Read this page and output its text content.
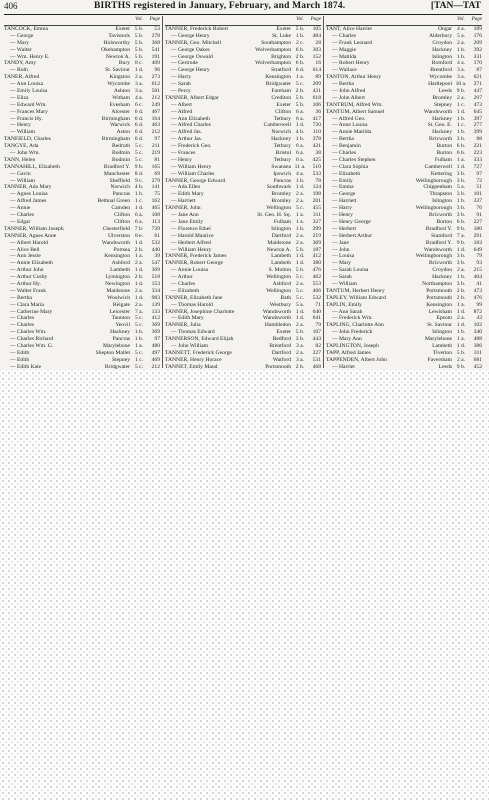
406	BIRTHS registered in January, February, and March 1874.	[TAN—TAT
Vol.	Page
TANCOCK, Emma	Exeter 5 b.	53
— George	Tavistock 5 b.	278
— Mary	Holsworthy 5 b.	368
— Walter	Okehampton 5 b.	541
— Wm. Henry E.	Newton A. 5 b.	191
TANDY, Amy	Bury 8 c.	409
— Ruth	St. Saviour 1 d.	96
TANER, Alfred	Kingston 2 a.	273
— Ann Louisa	Wycombe 3 a.	612
— Emily Louisa	Ashton 3 a.	581
— Eliza	Witham 4 a.	212
— Edward Wm.	Evesham 6 c.	249
— Frances Mary	Alcester 6 d.	467
— Francis Hy.	Birmingham 6 d.	164
— Henry	Warwick 6 d.	463
— William	Aston 6 d.	212
TANFIELD, Charles	Birmingham 6 d.	97
TANGYE, Ada	Redruth 5 c.	211
— John Wm.	Bodmin 5 c.	219
TANN, Helen	Bodmin 5 c.	81
TANNAHILL, Elizabeth	Bradford Y. 9 b.	165
— Gavin	Manchester 8 d.	69
— William	Sheffield 9 c.	279
TANNER, Ada Mary	Norwich 4 b.	141
— Agnes Louisa	Pancras 1 b.	75
— Alfred James	Bethnal Green 1 c.	162
— Annie	Camden 1 d.	465
— Charles	Clifton 6 a.	108
— Edgar	Clifton 6 a.	113
TANNER, William Joseph	Chesterfield 7 b.	739
TANNER, Agnes Anne	Ulverston 8 e.	61
— Albert Harold	Wandsworth 1 d.	532
— Alice Bell	Portsea 2 b.	440
— Ann Jessie	Kensington 1 a.	39
— Annie Elizabeth	Ashford 2 a.	547
— Arthur John	Lambeth 1 d.	369
— Arthur Cosby	Lymington 2 b.	518
— Arthur Hy.	Newington 1 d.	153
— Walter Frank	Maidstone 2 a.	334
— Bertha	Woolwich 1 d.	983
— Clara Maria	Reigate 2 a.	139
— Catherine Mary	Leicester 7 a.	133
— Charles	Taunton 5 c.	412
— Charles	Yeovil 5 c.	369
— Charles Wm.	Hackney 1 b.	369
— Charles Richard	Pancras 1 b.	97
— Charles Wm. G.	Marylebone 1 a.	480
— Edith	Shepton Mallet 5 c.	497
— Edith	Stepney 1 c.	469
— Edith Kate	Bridgwater 5 c.	212
Vol.	Page
TANNER, Frederick Robert	Exeter 5 b.	105
— George Henry	St. Luke 1 b.	484
TANNER, Geo. Mitchell	Southampton 2 c.	28
— George Oakes	Wolverhampton 6 b.	303
— George Oswald	Brighton 2 b.	152
— Gertrude	Wolverhampton 6 b.	16
— George Henry	Stratford 6 d.	614
— Harry	Kensington 1 a.	89
— Sarah	Bridgwater 5 c.	209
— Percy	Fareham 2 b.	431
TANNER, Albert Edgar	Crediton 5 b.	618
— Albert	Exeter 5 b.	106
— Alfred	Clifton 6 a.	36
— Ann Elizabeth	Tetbury 6 a.	417
— Alfred Charles	Camberwell 1 d.	720
— Alfred Jas.	Norwich 4 b.	110
— Arthur Jas.	Hackney 1 b.	378
— Frederick Geo.	Tetbury 6 a.	421
— Frances	Bristol 6 a.	38
— Henry	Tetbury 6 a.	425
— William Henry	Swansea 11 a.	510
— William Charles	Ipswich 4 a.	533
TANNER, George Edward	Pancras 1 b.	78
— Ada Ellen	Southwark 1 d.	124
— Edith Mary	Bromley 2 a.	198
— Harriett	Bromley 2 a.	201
TANNER, John	Wellington 5 c.	455
— Jane Ann	St. Geo. H. Sq. 1 a.	311
— Jane Emily	Fulham 1 a.	327
— Florence Ethel	Islington 1 b.	299
— Harold Maurice	Dartford 2 a.	219
— Herbert Alfred	Maidstone 2 a.	369
— William Henry	Newton A. 5 b.	187
TANNER, Frederick James	Lambeth 1 d.	412
TANNER, Robert George	Lambeth 1 d.	380
— Annie Louisa	S. Molton 5 b.	476
— Arthur	Wellington 5 c.	462
— Charles	Ashford 2 a.	553
— Elizabeth	Wellington 5 c.	466
TANNER, Elizabeth Jane	Bath 5 c.	532
— Thomas Harold	Westbury 5 a.	71
TANNER, Josephine Charlotte	Wandsworth 1 d.	640
— Edith Mary	Wandsworth 1 d.	641
TANNER, Julia	Hambledon 2 a.	79
— Thomas Edward	Exeter 5 b.	107
TANNERSON, Edward Elijah	Bedford 3 b.	443
— John William	Brentford 3 a.	82
TANNETT, Frederick George	Dartford 2 a.	227
TANNER, Henry Horace	Watford 3 a.	531
TANNET, Emily Maud	Portsmouth 2 b.	468
Vol.	Page
TANT, Alice Harriet	Ongar 4 a.	189
— Charles	Alderbury 5 a.	176
— Frank Leonard	Croydon 2 a.	209
— Maggie	Hackney 1 b.	392
— Matilda	Islington 1 b.	331
— Robert Henry	Romford 4 a.	170
— Wallace	Brentford 3 a.	87
TANTON, Arthur Henry	Wycombe 3 a.	621
— Bertha	Hartlepool 10 a.	271
— John Alfred	Leeds 9 b.	447
— John Albert	Bromley 2 a.	207
TANTRUM, Alfred Wm.	Stepney 1 c.	473
TANTUM, Albert Samuel	Wandsworth 1 d.	645
— Alfred Geo.	Hackney 1 b.	397
— Anne Louisa	St. Geo. E. 1 c.	277
— Annie Matilda	Hackney 1 b.	399
— Bertha	Brixworth 3 b.	88
— Benjamin	Burton 6 b.	221
— Charles	Burton 6 b.	223
— Charles Stephen	Fulham 1 a.	333
— Clara Sophia	Camberwell 1 d.	727
— Elizabeth	Kettering 3 b.	97
— Emily	Wellingborough 3 b.	72
— Emma	Chippenham 5 a.	51
— George	Thrapston 3 b.	101
— Harriett	Islington 1 b.	337
— Harry	Wellingborough 3 b.	76
— Henry	Brixworth 3 b.	91
— Henry George	Burton 6 b.	227
— Herbert	Bradford Y. 9 b.	180
— Herbert Arthur	Stamford 7 a.	291
— Jane	Bradford Y. 9 b.	183
— John	Wandsworth 1 d.	649
— Louisa	Wellingborough 3 b.	79
— Mary	Brixworth 3 b.	93
— Sarah Louisa	Croydon 2 a.	215
— Sarah	Hackney 1 b.	404
— William	Northampton 3 b.	41
TANTUM, Herbert Henry	Portsmouth 2 b.	473
TAPLEY, William Edward	Portsmouth 2 b.	476
TAPLIN, Emily	Kensington 1 a.	99
— Ann Sarah	Lewisham 1 d.	872
— Frederick Wm.	Epsom 2 a.	43
TAPLING, Charlotte Ann	St. Saviour 1 d.	102
— John Frederick	Islington 1 b.	340
— Mary Ann	Marylebone 1 a.	488
TAPLINGTON, Joseph	Lambeth 1 d.	386
TAPP, Alfred James	Tiverton 5 b.	311
TAPPENDEN, Albert John	Faversham 2 a.	681
— Harriet	Leeds 9 b.	452
